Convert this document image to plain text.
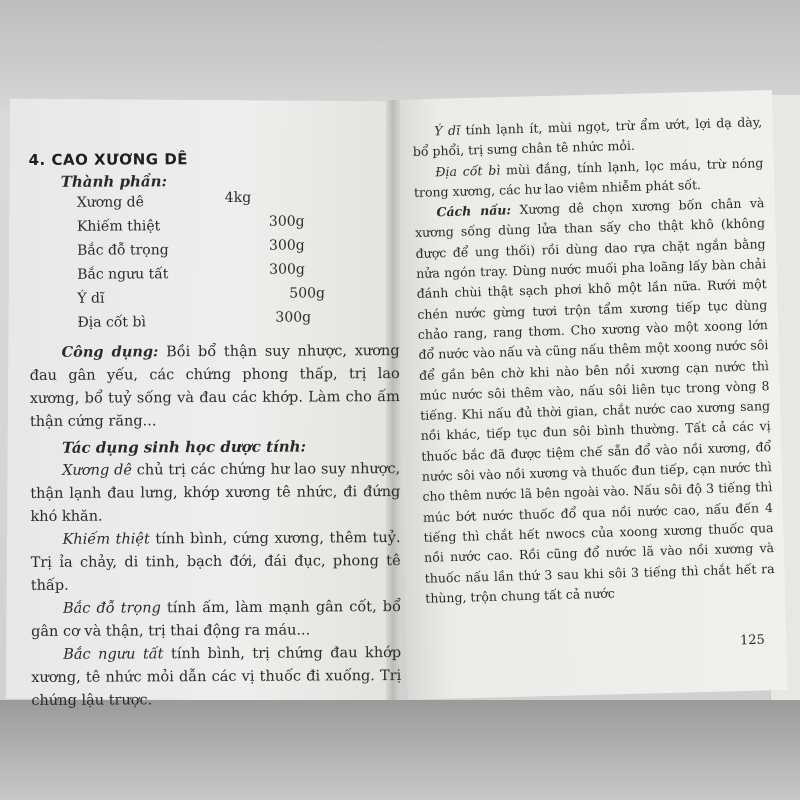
4. CAO XƯƠNG DÊ
Thành phần:
Xương dê	4kg
Khiếm thiệt	300g
Bắc đỗ trọng	300g
Bắc ngưu tất	300g
Ý dĩ	500g
Địa cốt bì	300g

Công dụng: Bồi bổ thận suy nhược, xương đau gân yếu, các chứng phong thấp, trị lao xương, bổ tuỷ sống và đau các khớp. Làm cho ấm thận cứng răng...

Tác dụng sinh học dược tính:

Xương dê chủ trị các chứng hư lao suy nhược, thận lạnh đau lưng, khớp xương tê nhức, đi đứng khó khăn.

Khiếm thiệt tính bình, cứng xương, thêm tuỷ. Trị ỉa chảy, di tinh, bạch đới, đái đục, phong tê thấp.

Bắc đỗ trọng tính ấm, làm mạnh gân cốt, bổ gân cơ và thận, trị thai động ra máu...

Bắc ngưu tất tính bình, trị chứng đau khớp xương, tê nhức mỏi dẫn các vị thuốc đi xuống. Trị chứng lậu trược.

Ý dĩ tính lạnh ít, mùi ngọt, trừ ẩm ướt, lợi dạ dày, bổ phổi, trị sưng chân tê nhức mỏi.

Địa cốt bì mùi đắng, tính lạnh, lọc máu, trừ nóng trong xương, các hư lao viêm nhiễm phát sốt.

Cách nấu: Xương dê chọn xương bốn chân và xương sống dùng lửa than sấy cho thật khô (không được để ung thối) rồi dùng dao rựa chặt ngắn bằng nửa ngón tray. Dùng nước muối pha loãng lấy bàn chải đánh chùi thật sạch phơi khô một lần nữa. Rưới một chén nước gừng tươi trộn tẩm xương tiếp tục dùng chảo rang, rang thơm. Cho xương vào một xoong lớn đổ nước vào nấu và cũng nấu thêm một xoong nước sôi để gần bên chờ khi nào bên nồi xương cạn nước thì múc nước sôi thêm vào, nấu sôi liên tục trong vòng 8 tiếng. Khi nấu đủ thời gian, chắt nước cao xương sang nồi khác, tiếp tục đun sôi bình thường. Tất cả các vị thuốc bắc đã được tiệm chế sẵn đổ vào nồi xương, đổ nước sôi vào nồi xương và thuốc đun tiếp, cạn nước thì cho thêm nước lã bên ngoài vào. Nấu sôi độ 3 tiếng thì múc bớt nước thuốc đổ qua nồi nước cao, nấu đến 4 tiếng thì chắt hết nwocs của xoong xương thuốc qua nồi nước cao. Rồi cũng đổ nước lã vào nồi xương và thuốc nấu lần thứ 3 sau khi sôi 3 tiếng thì chắt hết ra thùng, trộn chung tất cả nước

125
